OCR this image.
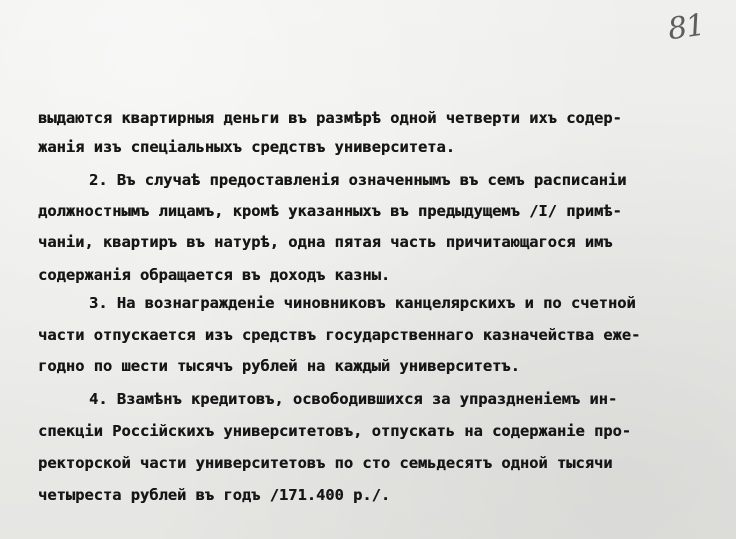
81
выдаются квартирныя деньги въ размѣрѣ одной четверти ихъ содер-
жанія изъ спеціальныхъ средствъ университета.
2. Въ случаѣ предоставленія означеннымъ въ семъ расписаніи
должностнымъ лицамъ, кромѣ указанныхъ въ предыдущемъ /I/ примѣ-
чаніи, квартиръ въ натурѣ, одна пятая часть причитающагося имъ
содержанія обращается въ доходъ казны.
3. На вознагражденіе чиновниковъ канцелярскихъ и по счетной
части отпускается изъ средствъ государственнаго казначейства еже-
годно по шести тысячъ рублей на каждый университетъ.
4. Взамѣнъ кредитовъ, освободившихся за упраздненіемъ ин-
спекціи Россійскихъ университетовъ, отпускать на содержаніе про-
ректорской части университетовъ по сто семьдесятъ одной тысячи
четыреста рублей въ годъ /171.400 р./.
